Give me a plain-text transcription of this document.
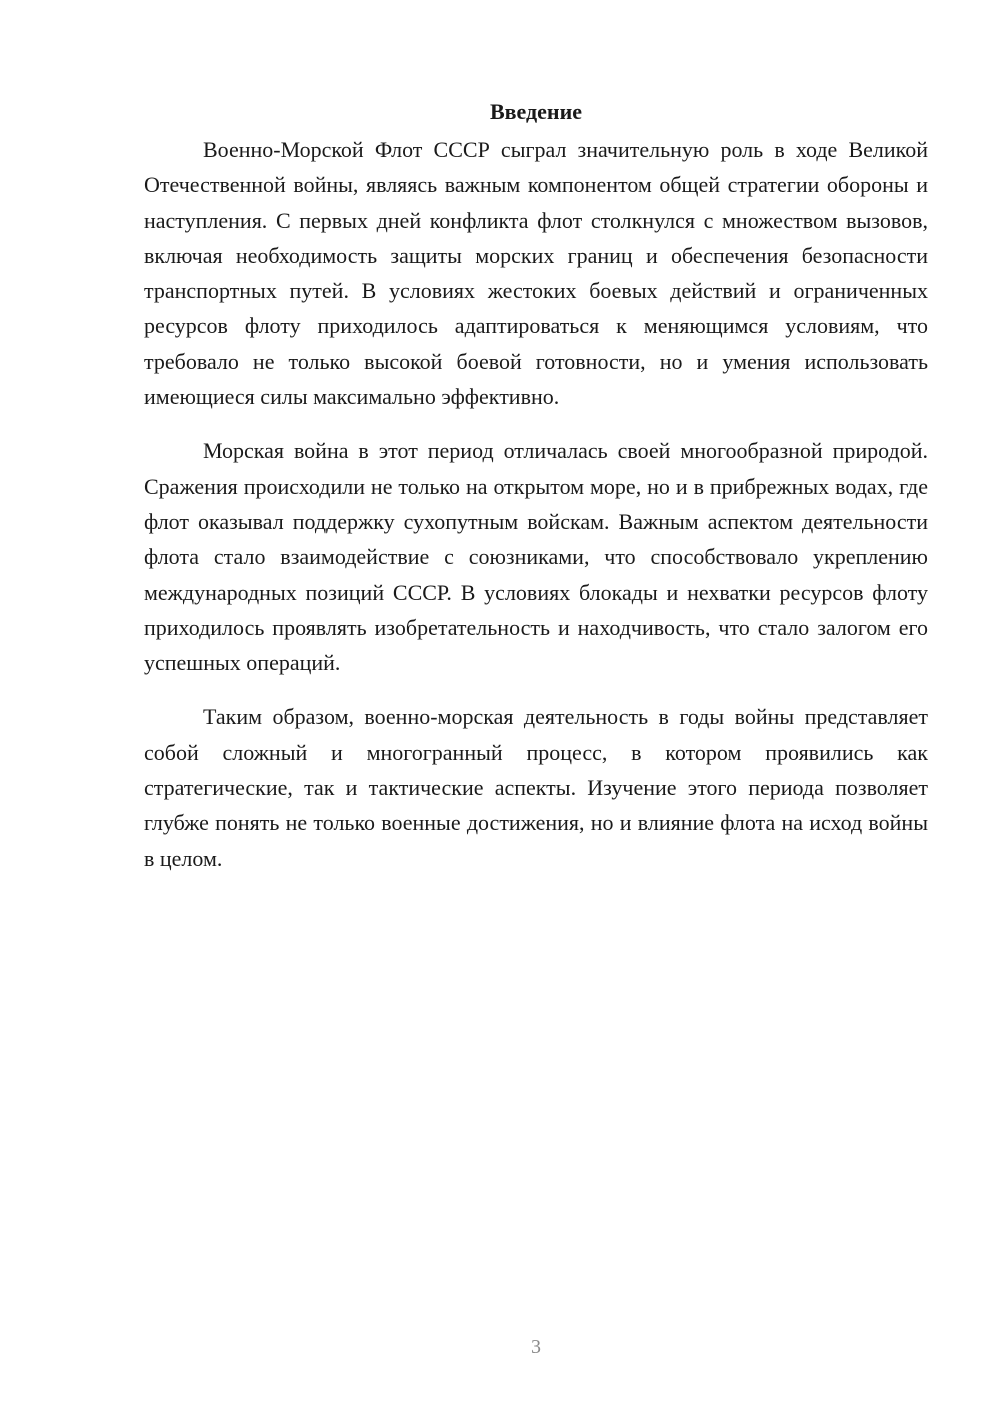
Введение

Военно-Морской Флот СССР сыграл значительную роль в ходе Великой Отечественной войны, являясь важным компонентом общей стратегии обороны и наступления. С первых дней конфликта флот столкнулся с множеством вызовов, включая необходимость защиты морских границ и обеспечения безопасности транспортных путей. В условиях жестоких боевых действий и ограниченных ресурсов флоту приходилось адаптироваться к меняющимся условиям, что требовало не только высокой боевой готовности, но и умения использовать имеющиеся силы максимально эффективно.

Морская война в этот период отличалась своей многообразной природой. Сражения происходили не только на открытом море, но и в прибрежных водах, где флот оказывал поддержку сухопутным войскам. Важным аспектом деятельности флота стало взаимодействие с союзниками, что способствовало укреплению международных позиций СССР. В условиях блокады и нехватки ресурсов флоту приходилось проявлять изобретательность и находчивость, что стало залогом его успешных операций.

Таким образом, военно-морская деятельность в годы войны представляет собой сложный и многогранный процесс, в котором проявились как стратегические, так и тактические аспекты. Изучение этого периода позволяет глубже понять не только военные достижения, но и влияние флота на исход войны в целом.

3
